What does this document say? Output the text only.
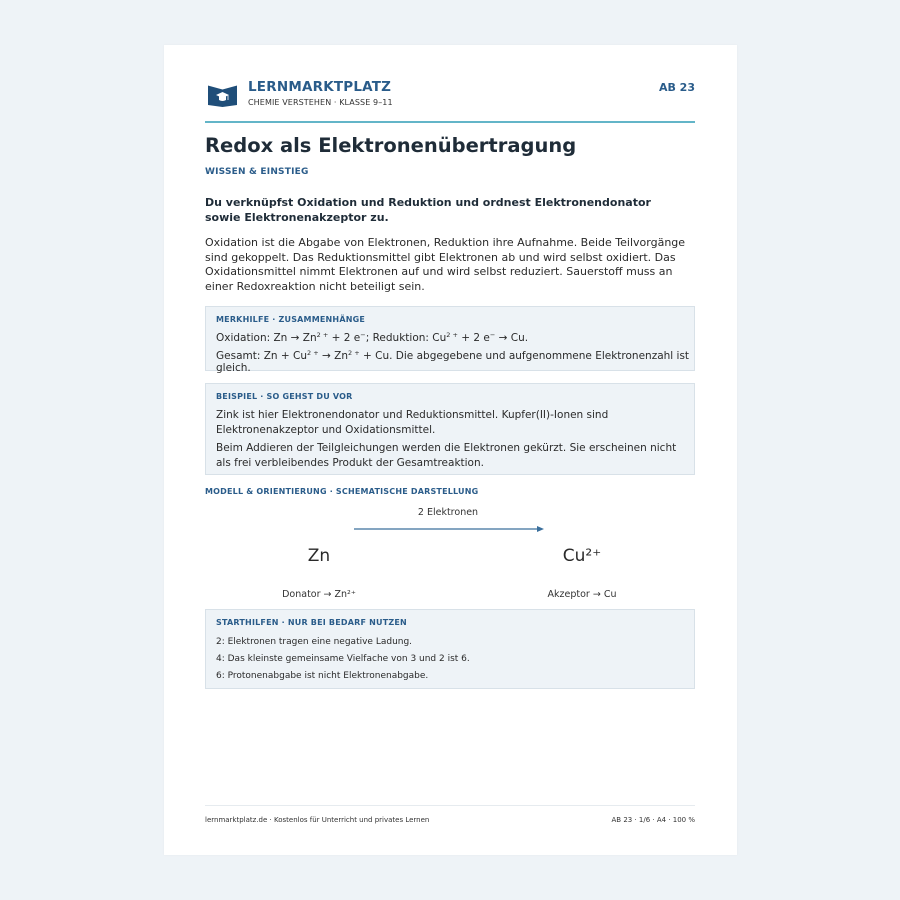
LERNMARKTPLATZ
CHEMIE VERSTEHEN · KLASSE 9–11
AB 23
Redox als Elektronenübertragung
WISSEN & EINSTIEG
Du verknüpfst Oxidation und Reduktion und ordnest Elektronendonator sowie Elektronenakzeptor zu.
Oxidation ist die Abgabe von Elektronen, Reduktion ihre Aufnahme. Beide Teilvorgänge sind gekoppelt. Das Reduktionsmittel gibt Elektronen ab und wird selbst oxidiert. Das Oxidationsmittel nimmt Elektronen auf und wird selbst reduziert. Sauerstoff muss an einer Redoxreaktion nicht beteiligt sein.
MERKHILFE · ZUSAMMENHÄNGE
Oxidation: $Zn \to Zn^{2 +} + 2$ e−; Reduktion: $Cu^{2 +} + 2$ e− → Cu.
Gesamt: $Zn + Cu^{2 +} \to Zn^{2 +} + Cu$. Die abgegebene und aufgenommene Elektronenzahl ist gleich.
BEISPIEL · SO GEHST DU VOR
Zink ist hier Elektronendonator und Reduktionsmittel. Kupfer(II)-Ionen sind Elektronenakzeptor und Oxidationsmittel.
Beim Addieren der Teilgleichungen werden die Elektronen gekürzt. Sie erscheinen nicht als frei verbleibendes Produkt der Gesamtreaktion.
MODELL & ORIENTIERUNG · SCHEMATISCHE DARSTELLUNG
2 Elektronen
Zn	Cu²⁺
Donator → Zn²⁺	Akzeptor → Cu
STARTHILFEN · NUR BEI BEDARF NUTZEN
2: Elektronen tragen eine negative Ladung.
4: Das kleinste gemeinsame Vielfache von 3 und 2 ist 6.
6: Protonenabgabe ist nicht Elektronenabgabe.
lernmarktplatz.de · Kostenlos für Unterricht und privates Lernen	AB 23 · 1/6 · A4 · 100 %
